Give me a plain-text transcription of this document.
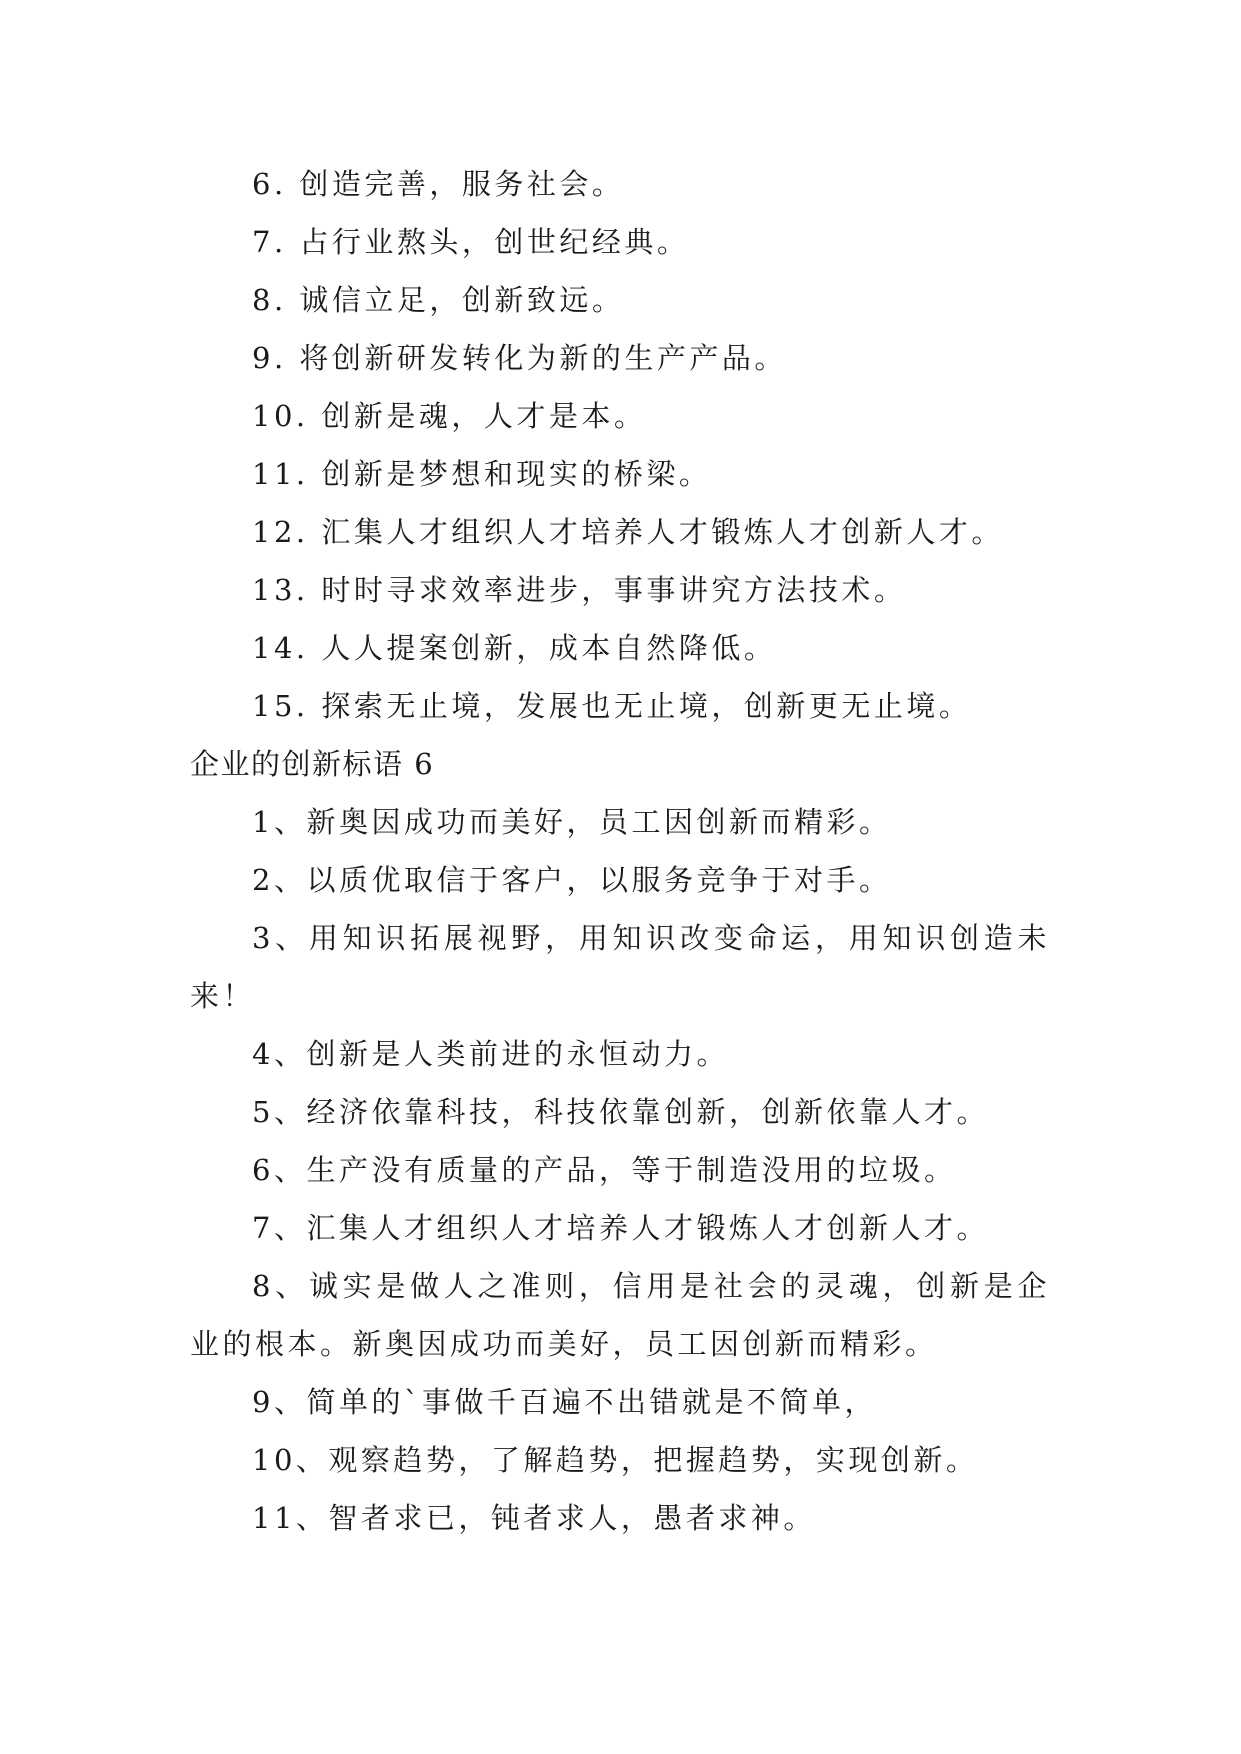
6. 创造完善，服务社会。
7. 占行业熬头，创世纪经典。
8. 诚信立足，创新致远。
9. 将创新研发转化为新的生产产品。
10. 创新是魂，人才是本。
11. 创新是梦想和现实的桥梁。
12. 汇集人才组织人才培养人才锻炼人才创新人才。
13. 时时寻求效率进步，事事讲究方法技术。
14. 人人提案创新，成本自然降低。
15. 探索无止境，发展也无止境，创新更无止境。
企业的创新标语 6
1、新奥因成功而美好，员工因创新而精彩。
2、以质优取信于客户，以服务竞争于对手。
3、用知识拓展视野，用知识改变命运，用知识创造未来！
4、创新是人类前进的永恒动力。
5、经济依靠科技，科技依靠创新，创新依靠人才。
6、生产没有质量的产品，等于制造没用的垃圾。
7、汇集人才组织人才培养人才锻炼人才创新人才。
8、诚实是做人之准则，信用是社会的灵魂，创新是企业的根本。新奥因成功而美好，员工因创新而精彩。
9、简单的`事做千百遍不出错就是不简单，
10、观察趋势，了解趋势，把握趋势，实现创新。
11、智者求已，钝者求人，愚者求神。
